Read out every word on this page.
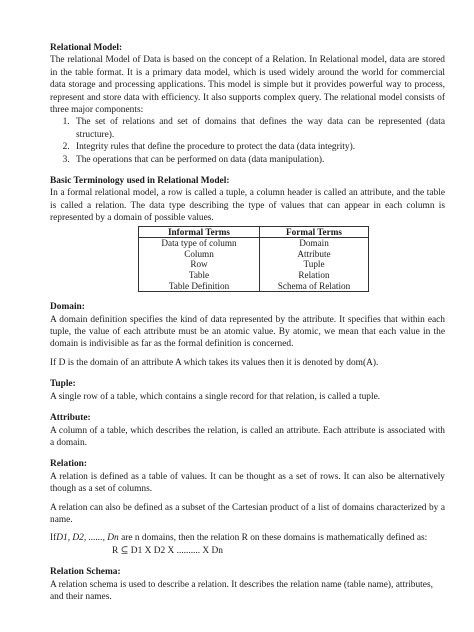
Relational Model:

The relational Model of Data is based on the concept of a Relation. In Relational model, data are stored in the table format. It is a primary data model, which is used widely around the world for commercial data storage and processing applications. This model is simple but it provides powerful way to process, represent and store data with efficiency. It also supports complex query. The relational model consists of three major components:

1. The set of relations and set of domains that defines the way data can be represented (data structure).
2. Integrity rules that define the procedure to protect the data (data integrity).
3. The operations that can be performed on data (data manipulation).

Basic Terminology used in Relational Model:

In a formal relational model, a row is called a tuple, a column header is called an attribute, and the table is called a relation. The data type describing the type of values that can appear in each column is represented by a domain of possible values.

Informal Terms	Formal Terms
Data type of column	Domain
Column	Attribute
Row	Tuple
Table	Relation
Table Definition	Schema of Relation

Domain:

A domain definition specifies the kind of data represented by the attribute. It specifies that within each tuple, the value of each attribute must be an atomic value. By atomic, we mean that each value in the domain is indivisible as far as the formal definition is concerned.

If D is the domain of an attribute A which takes its values then it is denoted by dom(A).

Tuple:

A single row of a table, which contains a single record for that relation, is called a tuple.

Attribute:

A column of a table, which describes the relation, is called an attribute. Each attribute is associated with a domain.

Relation:

A relation is defined as a table of values. It can be thought as a set of rows. It can also be alternatively though as a set of columns.

A relation can also be defined as a subset of the Cartesian product of a list of domains characterized by a name.

IfD1, D2, ......, Dn are n domains, then the relation R on these domains is mathematically defined as:

R ⊆ D1 X D2 X .......... X Dn

Relation Schema:

A relation schema is used to describe a relation. It describes the relation name (table name), attributes, and their names.
